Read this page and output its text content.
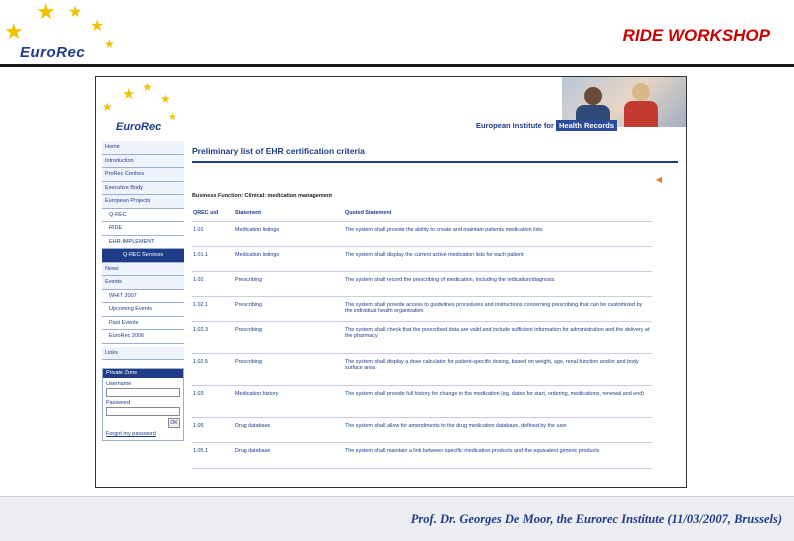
★ ★
★
★	★
EuroRec
RIDE WORKSHOP
★ ★
★
★
★
EuroRec	European Institute for Health Records
Home
Introduction
ProRec Centres
Executive Body
European Projects
Q-REC
RIDE
EHR-IMPLEMENT
Q-REC Services
News
Events
WHIT 2007
Upcoming Events
Past Events
EuroRec 2006
Links
Private Zone
Username
Password
OK
Forgot my password
Preliminary list of EHR certification criteria
◀
Business Function: Clinical: medication management
QREC uid	Statement	Quoted Statement
1.01	Medication listings	The system shall provide the ability to create and maintain patients medication lists
1.01.1	Medication listings	The system shall display the current active medication lists for each patient
1.02	Prescribing	The system shall record the prescribing of medication, including the indication/diagnosis
1.02.1	Prescribing	The system shall provide access to guidelines procedures and instructions concerning prescribing that can be customized by the individual health organisation
1.02.3	Prescribing	The system shall check that the prescribed data are valid and include sufficient information for administration and the delivery at the pharmacy
1.02.5	Prescribing	The system shall display a dose calculator for patient-specific dosing, based on weight, age, renal function and/or and body surface area
1.03	Medication history	The system shall provide full history for change in the medication (eg. dates for start, ordering, medications, renewal and end)
1.05	Drug database	The system shall allow for amendments to the drug medication database, defined by the user
1.05.1	Drug database	The system shall maintain a link between specific medication products and the equivalent generic products
Prof. Dr. Georges De Moor, the Eurorec Institute (11/03/2007, Brussels)
